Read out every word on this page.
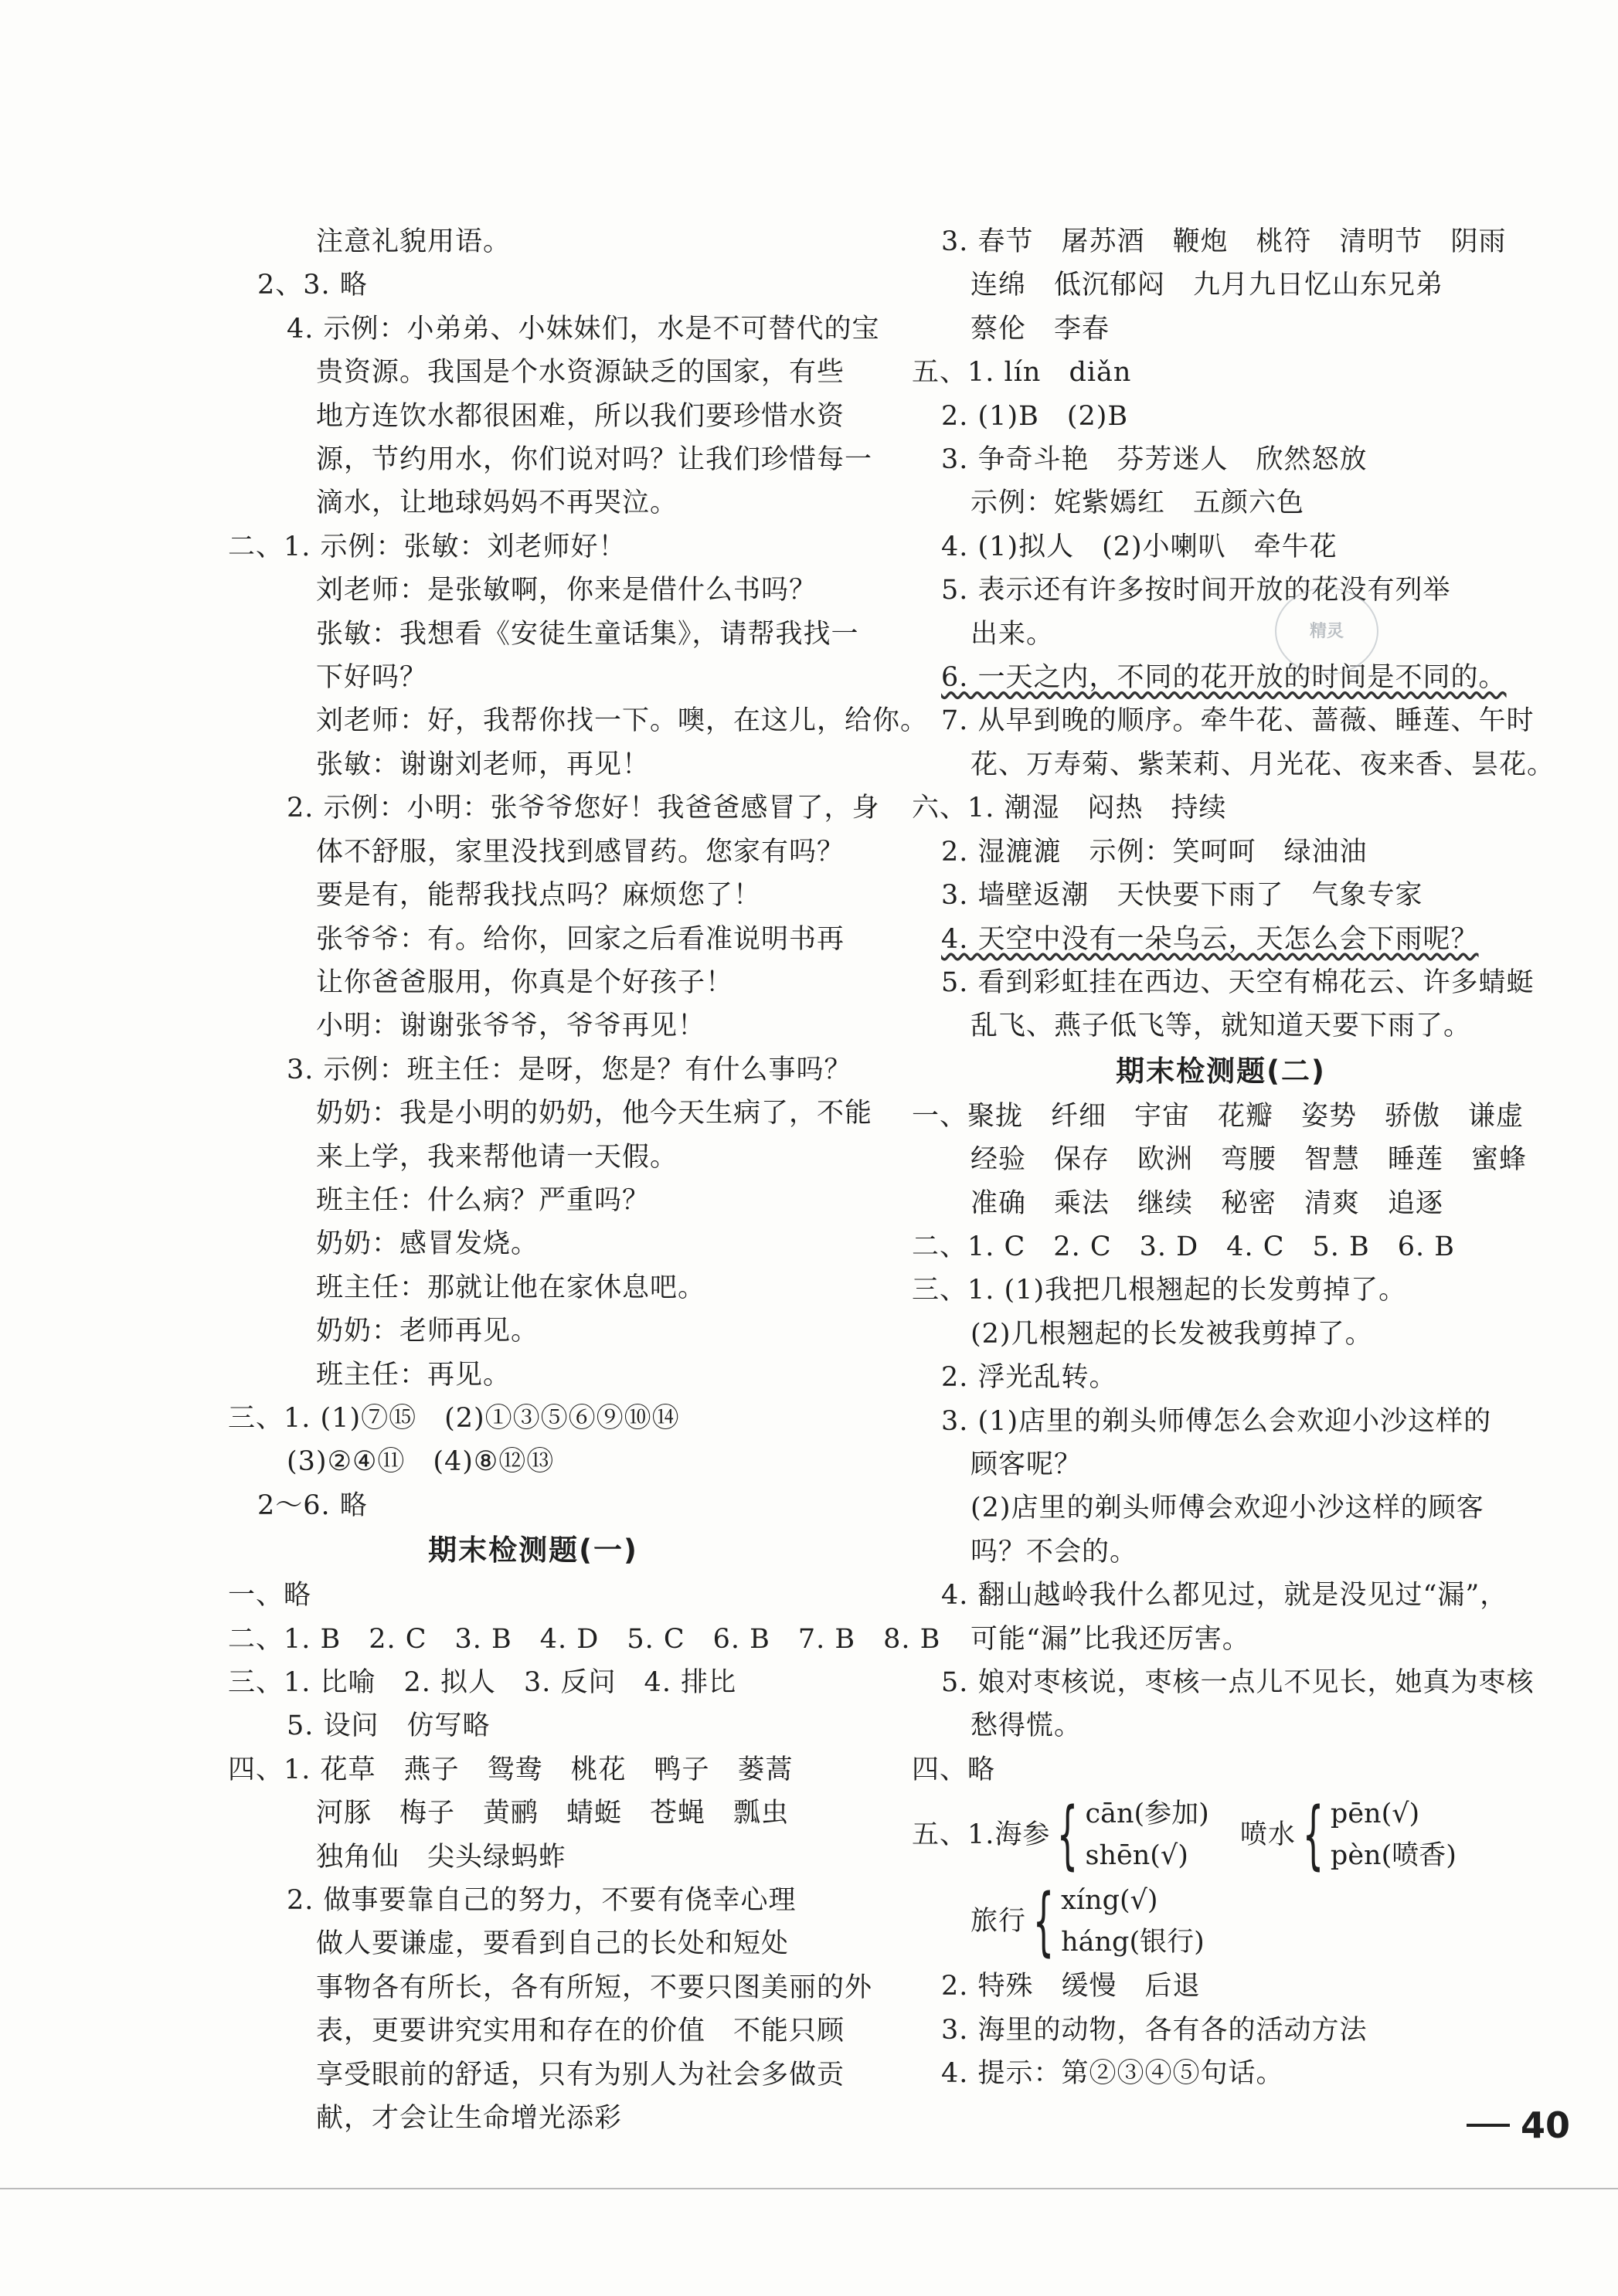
注意礼貌用语。
2、3. 略
4. 示例：小弟弟、小妹妹们，水是不可替代的宝
贵资源。我国是个水资源缺乏的国家，有些
地方连饮水都很困难，所以我们要珍惜水资
源，节约用水，你们说对吗？让我们珍惜每一
滴水，让地球妈妈不再哭泣。
二、1. 示例：张敏：刘老师好！
刘老师：是张敏啊，你来是借什么书吗？
张敏：我想看《安徒生童话集》，请帮我找一
下好吗？
刘老师：好，我帮你找一下。噢，在这儿，给你。
张敏：谢谢刘老师，再见！
2. 示例：小明：张爷爷您好！我爸爸感冒了，身
体不舒服，家里没找到感冒药。您家有吗？
要是有，能帮我找点吗？麻烦您了！
张爷爷：有。给你，回家之后看准说明书再
让你爸爸服用，你真是个好孩子！
小明：谢谢张爷爷，爷爷再见！
3. 示例：班主任：是呀，您是？有什么事吗？
奶奶：我是小明的奶奶，他今天生病了，不能
来上学，我来帮他请一天假。
班主任：什么病？严重吗？
奶奶：感冒发烧。
班主任：那就让他在家休息吧。
奶奶：老师再见。
班主任：再见。
三、1. (1)⑦⑮　(2)①③⑤⑥⑨⑩⑭
(3)②④⑪　(4)⑧⑫⑬
2～6. 略
期末检测题(一)
一、略
二、1. B　2. C　3. B　4. D　5. C　6. B　7. B　8. B
三、1. 比喻　2. 拟人　3. 反问　4. 排比
5. 设问　仿写略
四、1. 花草　燕子　鸳鸯　桃花　鸭子　蒌蒿
河豚　梅子　黄鹂　蜻蜓　苍蝇　瓢虫
独角仙　尖头绿蚂蚱
2. 做事要靠自己的努力，不要有侥幸心理
做人要谦虚，要看到自己的长处和短处
事物各有所长，各有所短，不要只图美丽的外
表，更要讲究实用和存在的价值　不能只顾
享受眼前的舒适，只有为别人为社会多做贡
献，才会让生命增光添彩
3. 春节　屠苏酒　鞭炮　桃符　清明节　阴雨
连绵　低沉郁闷　九月九日忆山东兄弟
蔡伦　李春
五、1. lín　diǎn
2. (1)B　(2)B
3. 争奇斗艳　芬芳迷人　欣然怒放
示例：姹紫嫣红　五颜六色
4. (1)拟人　(2)小喇叭　牵牛花
5. 表示还有许多按时间开放的花没有列举
出来。
6. 一天之内，不同的花开放的时间是不同的。
7. 从早到晚的顺序。牵牛花、蔷薇、睡莲、午时
花、万寿菊、紫茉莉、月光花、夜来香、昙花。
六、1. 潮湿　闷热　持续
2. 湿漉漉　示例：笑呵呵　绿油油
3. 墙壁返潮　天快要下雨了　气象专家
4. 天空中没有一朵乌云，天怎么会下雨呢？
5. 看到彩虹挂在西边、天空有棉花云、许多蜻蜓
乱飞、燕子低飞等，就知道天要下雨了。
期末检测题(二)
一、聚拢　纤细　宇宙　花瓣　姿势　骄傲　谦虚
经验　保存　欧洲　弯腰　智慧　睡莲　蜜蜂
准确　乘法　继续　秘密　清爽　追逐
二、1. C　2. C　3. D　4. C　5. B　6. B
三、1. (1)我把几根翘起的长发剪掉了。
(2)几根翘起的长发被我剪掉了。
2. 浮光乱转。
3. (1)店里的剃头师傅怎么会欢迎小沙这样的
顾客呢？
(2)店里的剃头师傅会欢迎小沙这样的顾客
吗？不会的。
4. 翻山越岭我什么都见过，就是没见过“漏”，
可能“漏”比我还厉害。
5. 娘对枣核说，枣核一点儿不见长，她真为枣核
愁得慌。
四、略
五、1. 海参 { cān(参加)
shēn(√)
喷水 { pēn(√)
pèn(喷香)
旅行 { xíng(√)
háng(银行)
2. 特殊　缓慢　后退
3. 海里的动物，各有各的活动方法
4. 提示：第②③④⑤句话。
精灵
40
